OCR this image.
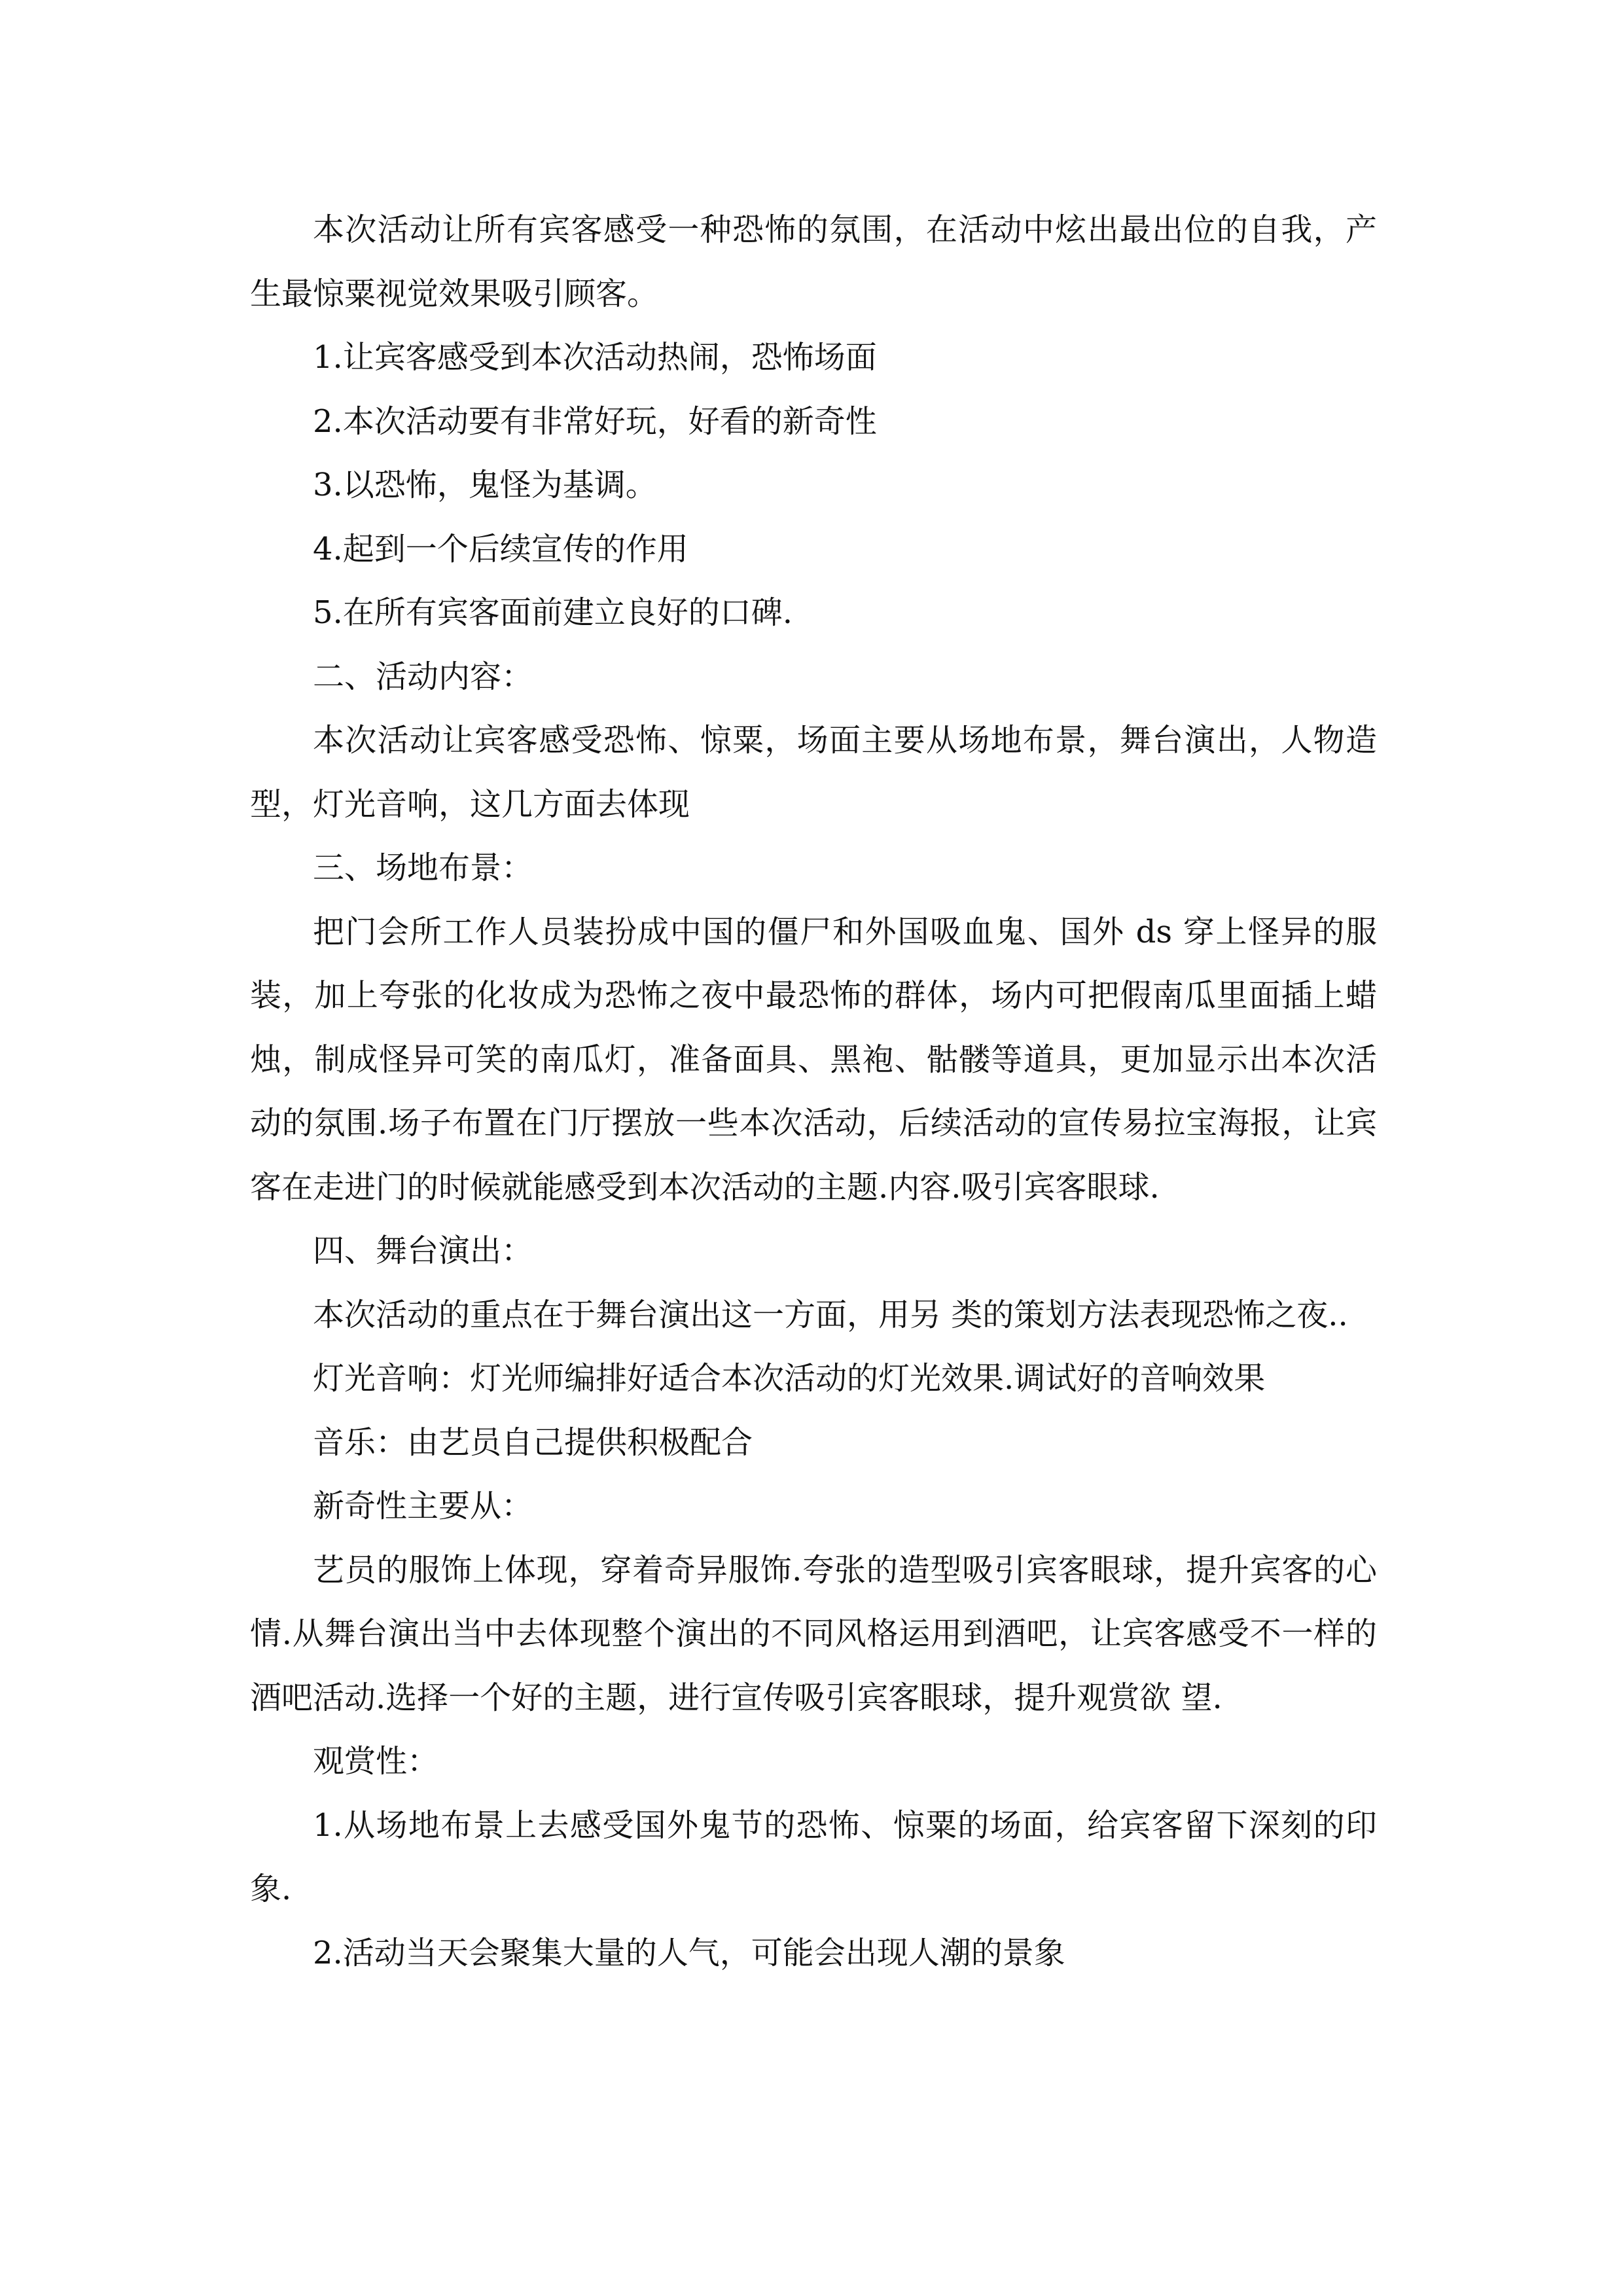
本次活动让所有宾客感受一种恐怖的氛围，在活动中炫出最出位的自我，产生最惊粟视觉效果吸引顾客。

1.让宾客感受到本次活动热闹，恐怖场面

2.本次活动要有非常好玩，好看的新奇性

3.以恐怖，鬼怪为基调。

4.起到一个后续宣传的作用

5.在所有宾客面前建立良好的口碑.

二、活动内容：

本次活动让宾客感受恐怖、惊粟，场面主要从场地布景，舞台演出，人物造型，灯光音响，这几方面去体现

三、场地布景：

把门会所工作人员装扮成中国的僵尸和外国吸血鬼、国外 ds 穿上怪异的服装，加上夸张的化妆成为恐怖之夜中最恐怖的群体，场内可把假南瓜里面插上蜡烛，制成怪异可笑的南瓜灯，准备面具、黑袍、骷髅等道具，更加显示出本次活动的氛围.场子布置在门厅摆放一些本次活动，后续活动的宣传易拉宝海报，让宾客在走进门的时候就能感受到本次活动的主题.内容.吸引宾客眼球.

四、舞台演出：

本次活动的重点在于舞台演出这一方面，用另 类的策划方法表现恐怖之夜..

灯光音响：灯光师编排好适合本次活动的灯光效果.调试好的音响效果

音乐：由艺员自己提供积极配合

新奇性主要从：

艺员的服饰上体现，穿着奇异服饰.夸张的造型吸引宾客眼球，提升宾客的心情.从舞台演出当中去体现整个演出的不同风格运用到酒吧，让宾客感受不一样的酒吧活动.选择一个好的主题，进行宣传吸引宾客眼球，提升观赏欲 望.

观赏性：

1.从场地布景上去感受国外鬼节的恐怖、惊粟的场面，给宾客留下深刻的印象.

2.活动当天会聚集大量的人气，可能会出现人潮的景象
